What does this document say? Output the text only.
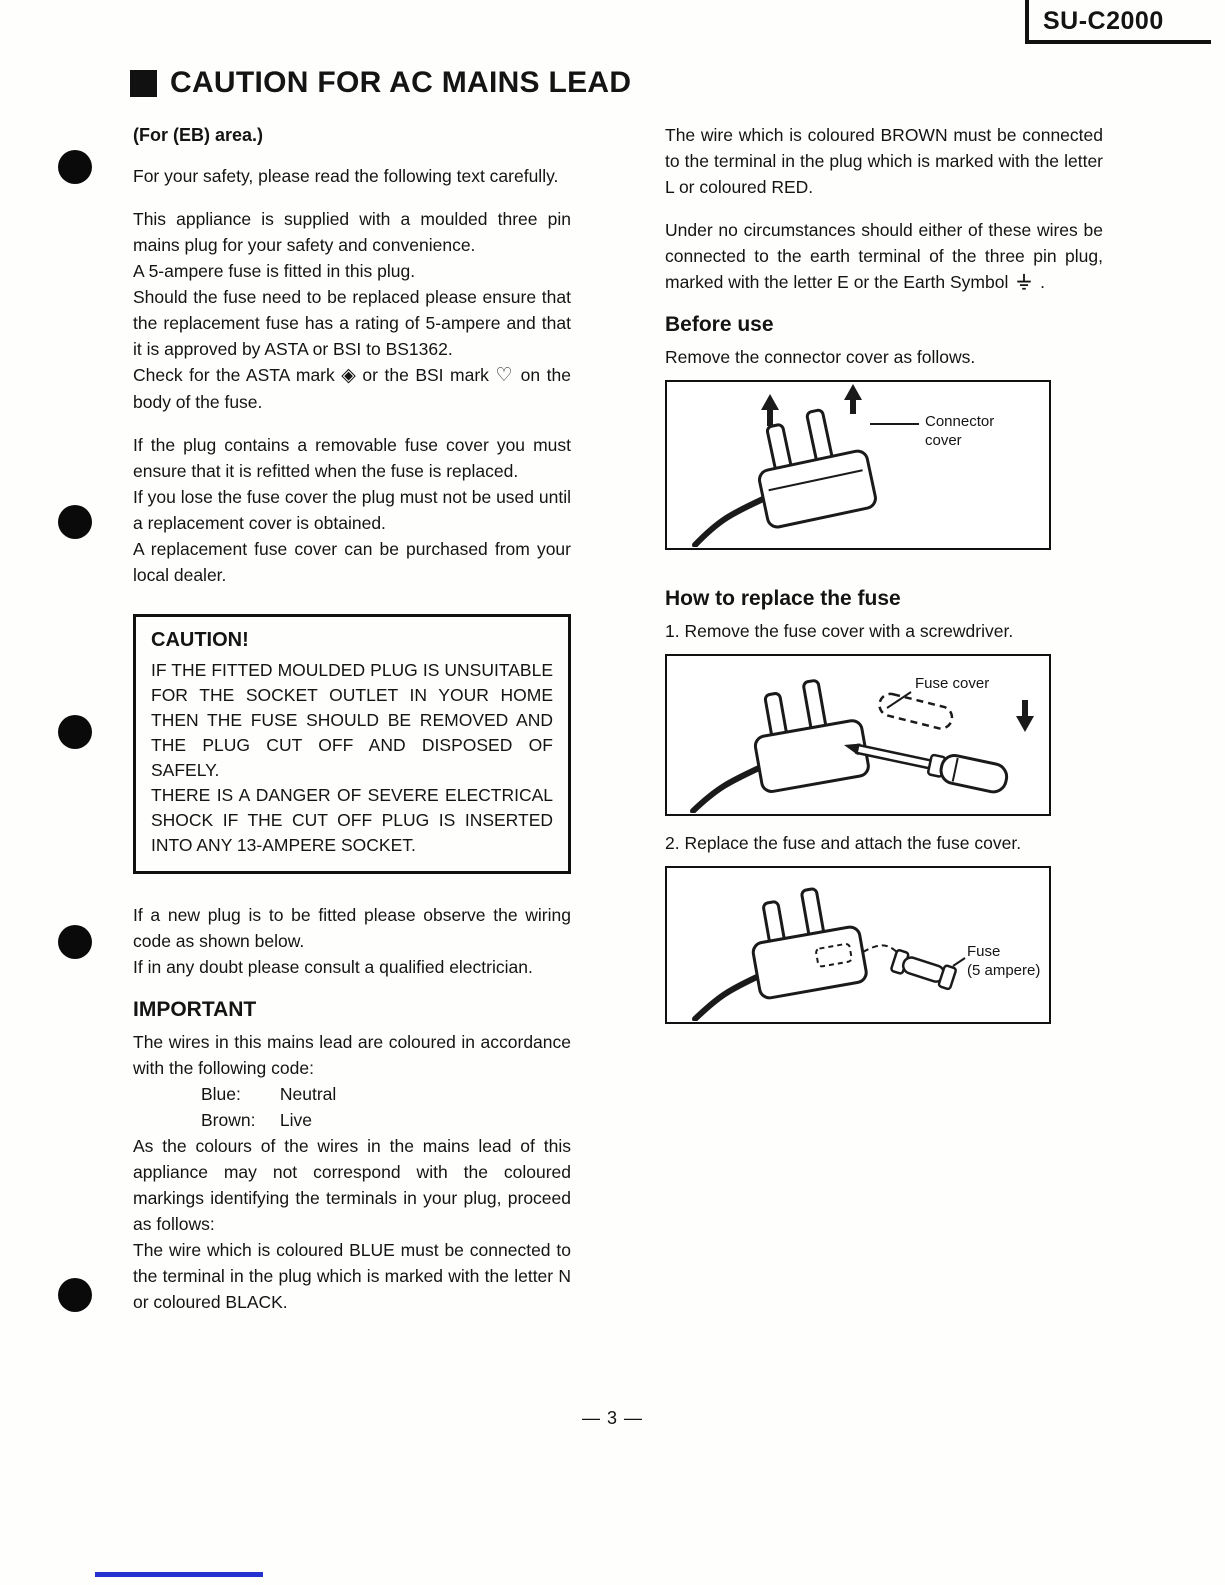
SU-C2000
CAUTION FOR AC MAINS LEAD
(For (EB) area.)

For your safety, please read the following text carefully.

This appliance is supplied with a moulded three pin mains plug for your safety and convenience.
A 5-ampere fuse is fitted in this plug.
Should the fuse need to be replaced please ensure that the replacement fuse has a rating of 5-ampere and that it is approved by ASTA or BSI to BS1362.
Check for the ASTA mark ◈ or the BSI mark ♡ on the body of the fuse.

If the plug contains a removable fuse cover you must ensure that it is refitted when the fuse is replaced.
If you lose the fuse cover the plug must not be used until a replacement cover is obtained.
A replacement fuse cover can be purchased from your local dealer.

CAUTION!

IF THE FITTED MOULDED PLUG IS UNSUITABLE FOR THE SOCKET OUTLET IN YOUR HOME THEN THE FUSE SHOULD BE REMOVED AND THE PLUG CUT OFF AND DISPOSED OF SAFELY.

THERE IS A DANGER OF SEVERE ELECTRICAL SHOCK IF THE CUT OFF PLUG IS INSERTED INTO ANY 13-AMPERE SOCKET.

If a new plug is to be fitted please observe the wiring code as shown below.
If in any doubt please consult a qualified electrician.

IMPORTANT

The wires in this mains lead are coloured in accordance with the following code:

Blue: Neutral
Brown: Live

As the colours of the wires in the mains lead of this appliance may not correspond with the coloured markings identifying the terminals in your plug, proceed as follows:

The wire which is coloured BLUE must be connected to the terminal in the plug which is marked with the letter N or coloured BLACK.

The wire which is coloured BROWN must be connected to the terminal in the plug which is marked with the letter L or coloured RED.

Under no circumstances should either of these wires be connected to the earth terminal of the three pin plug, marked with the letter E or the Earth Symbol .

Before use

Remove the connector cover as follows.

Connector
cover
How to replace the fuse

1. Remove the fuse cover with a screwdriver.

Fuse cover

2. Replace the fuse and attach the fuse cover.

Fuse
(5 ampere)
— 3 —
